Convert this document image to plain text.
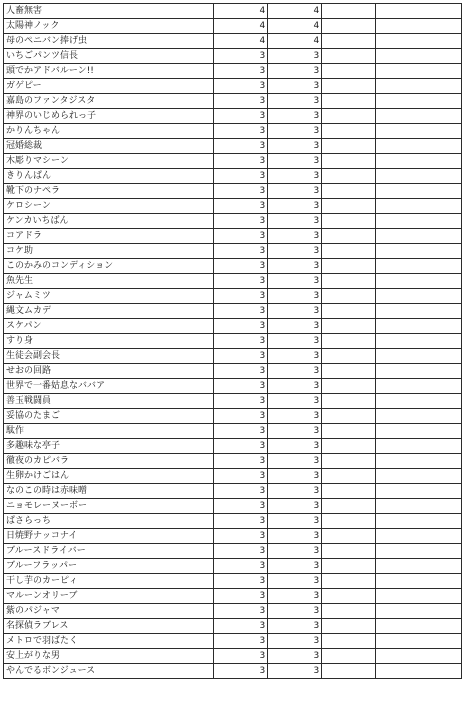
人畜無害	4	4		
太陽神ノック	4	4		
母のペニバン捧げ虫	4	4		
いちごパンツ信長	3	3		
頭でかアドバルーン!!	3	3		
ガゲピー	3	3		
嘉島のファンタジスタ	3	3		
神界のいじめられっ子	3	3		
かりんちゃん	3	3		
冠婚総裁	3	3		
木彫りマシーン	3	3		
きりんぱん	3	3		
靴下のナペラ	3	3		
ケロシーン	3	3		
ケンカいちばん	3	3		
コアドラ	3	3		
コケ助	3	3		
このかみのコンディション	3	3		
魚先生	3	3		
ジャムミツ	3	3		
縄文ムカデ	3	3		
スケパン	3	3		
すり身	3	3		
生徒会副会長	3	3		
せおの回路	3	3		
世界で一番姑息なババア	3	3		
善玉戦闘員	3	3		
妥協のたまご	3	3		
駄作	3	3		
多趣味な亭子	3	3		
徹夜のカピバラ	3	3		
生卵かけごはん	3	3		
なのこの時は赤味噌	3	3		
ニョモレーヌーボー	3	3		
ぱさらっち	3	3		
日焼野ナッコナイ	3	3		
ブルースドライバー	3	3		
ブルーフラッパー	3	3		
干し芋のカーピィ	3	3		
マルーンオリーブ	3	3		
紫のパジャマ	3	3		
名探偵ラブレス	3	3		
メトロで羽ばたく	3	3		
安上がりな男	3	3		
やんでるボンジュース	3	3		
